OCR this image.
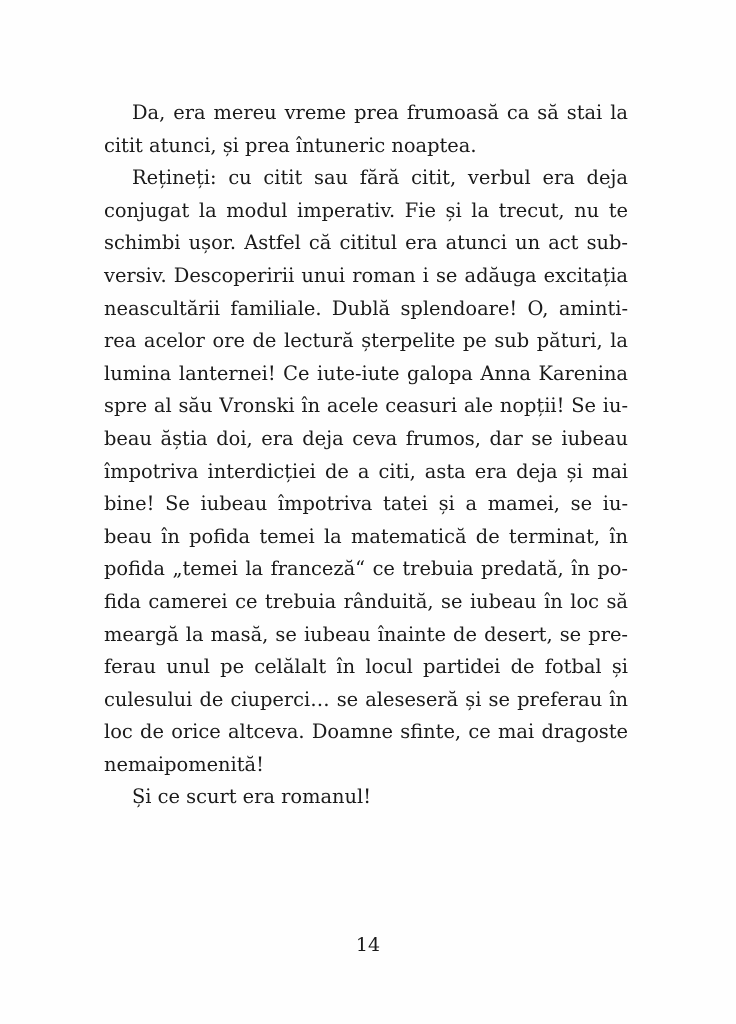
Da, era mereu vreme prea frumoasă ca să stai la
citit atunci, și prea întuneric noaptea.
Rețineți: cu citit sau fără citit, verbul era deja
conjugat la modul imperativ. Fie și la trecut, nu te
schimbi ușor. Astfel că cititul era atunci un act sub-
versiv. Descoperirii unui roman i se adăuga excitația
neascultării familiale. Dublă splendoare! O, aminti-
rea acelor ore de lectură șterpelite pe sub pături, la
lumina lanternei! Ce iute-iute galopa Anna Karenina
spre al său Vronski în acele ceasuri ale nopții! Se iu-
beau ăștia doi, era deja ceva frumos, dar se iubeau
împotriva interdicției de a citi, asta era deja și mai
bine! Se iubeau împotriva tatei și a mamei, se iu-
beau în pofida temei la matematică de terminat, în
pofida „temei la franceză“ ce trebuia predată, în po-
fida camerei ce trebuia rânduită, se iubeau în loc să
meargă la masă, se iubeau înainte de desert, se pre-
ferau unul pe celălalt în locul partidei de fotbal și
culesului de ciuperci… se aleseseră și se preferau în
loc de orice altceva. Doamne sfinte, ce mai dragoste
nemaipomenită!
Și ce scurt era romanul!
14
